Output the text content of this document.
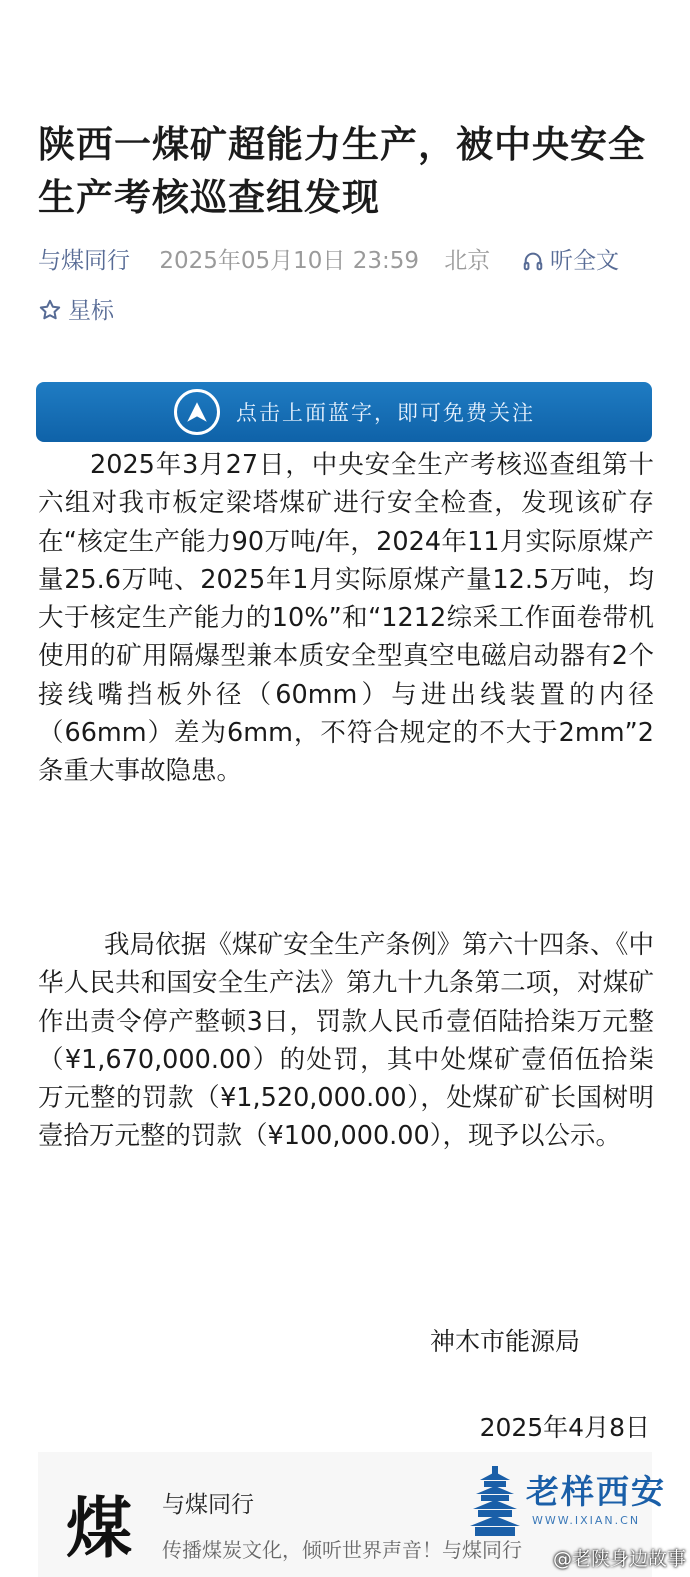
陕西一煤矿超能力生产，被中央安全生产考核巡查组发现
与煤同行 2025年05月10日 23:59 北京	听全文
星标
点击上面蓝字，即可免费关注

2025年3月27日，中央安全生产考核巡查组第十六组对我市板定梁塔煤矿进行安全检查，发现该矿存在“核定生产能力90万吨/年，2024年11月实际原煤产量25.6万吨、2025年1月实际原煤产量12.5万吨，均大于核定生产能力的10%”和“1212综采工作面卷带机使用的矿用隔爆型兼本质安全型真空电磁启动器有2个接线嘴挡板外径（60mm）与进出线装置的内径（66mm）差为6mm，不符合规定的不大于2mm”2条重大事故隐患。

我局依据《煤矿安全生产条例》第六十四条、《中华人民共和国安全生产法》第九十九条第二项，对煤矿作出责令停产整顿3日，罚款人民币壹佰陆拾柒万元整（¥1,670,000.00）的处罚，其中处煤矿壹佰伍拾柒万元整的罚款（¥1,520,000.00），处煤矿矿长国树明壹拾万元整的罚款（¥100,000.00），现予以公示。

神木市能源局
2025年4月8日
煤	与煤同行
传播煤炭文化，倾听世界声音！与煤同行
老样西安
WWW.IXIAN.CN
@老陕身边故事
